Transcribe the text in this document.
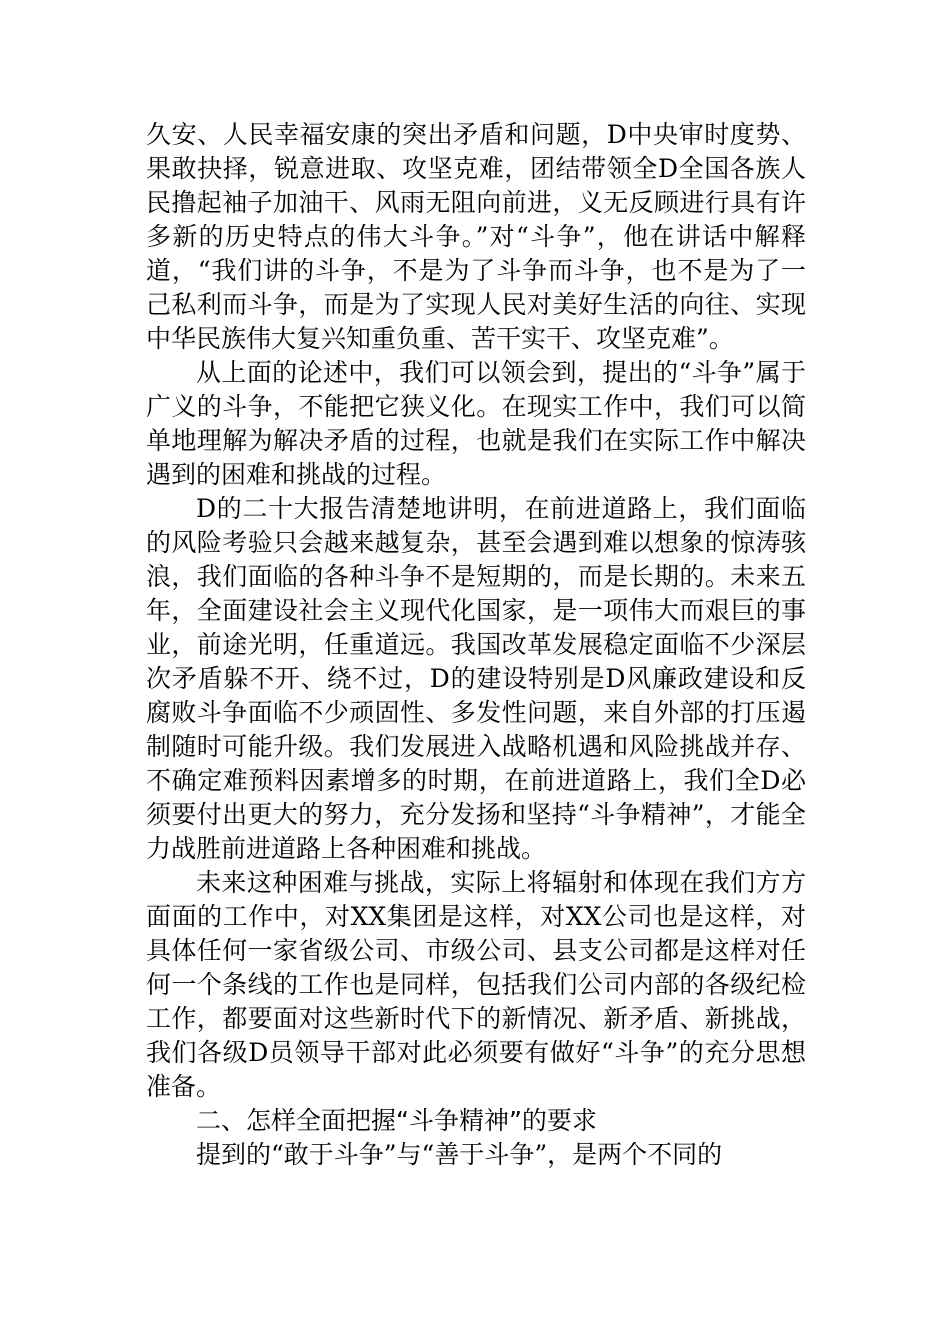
久安、人民幸福安康的突出矛盾和问题，D中央审时度势、果敢抉择，锐意进取、攻坚克难，团结带领全D全国各族人民撸起袖子加油干、风雨无阻向前进，义无反顾进行具有许多新的历史特点的伟大斗争。”对“斗争”，他在讲话中解释道，“我们讲的斗争，不是为了斗争而斗争，也不是为了一己私利而斗争，而是为了实现人民对美好生活的向往、实现中华民族伟大复兴知重负重、苦干实干、攻坚克难”。

从上面的论述中，我们可以领会到，提出的“斗争”属于广义的斗争，不能把它狭义化。在现实工作中，我们可以简单地理解为解决矛盾的过程，也就是我们在实际工作中解决遇到的困难和挑战的过程。

D的二十大报告清楚地讲明，在前进道路上，我们面临的风险考验只会越来越复杂，甚至会遇到难以想象的惊涛骇浪，我们面临的各种斗争不是短期的，而是长期的。未来五年，全面建设社会主义现代化国家，是一项伟大而艰巨的事业，前途光明，任重道远。我国改革发展稳定面临不少深层次矛盾躲不开、绕不过，D的建设特别是D风廉政建设和反腐败斗争面临不少顽固性、多发性问题，来自外部的打压遏制随时可能升级。我们发展进入战略机遇和风险挑战并存、不确定难预料因素增多的时期，在前进道路上，我们全D必须要付出更大的努力，充分发扬和坚持“斗争精神”，才能全力战胜前进道路上各种困难和挑战。

未来这种困难与挑战，实际上将辐射和体现在我们方方面面的工作中，对XX集团是这样，对XX公司也是这样，对具体任何一家省级公司、市级公司、县支公司都是这样对任何一个条线的工作也是同样，包括我们公司内部的各级纪检工作，都要面对这些新时代下的新情况、新矛盾、新挑战，我们各级D员领导干部对此必须要有做好“斗争”的充分思想准备。

二、怎样全面把握“斗争精神”的要求

提到的“敢于斗争”与“善于斗争”，是两个不同的
